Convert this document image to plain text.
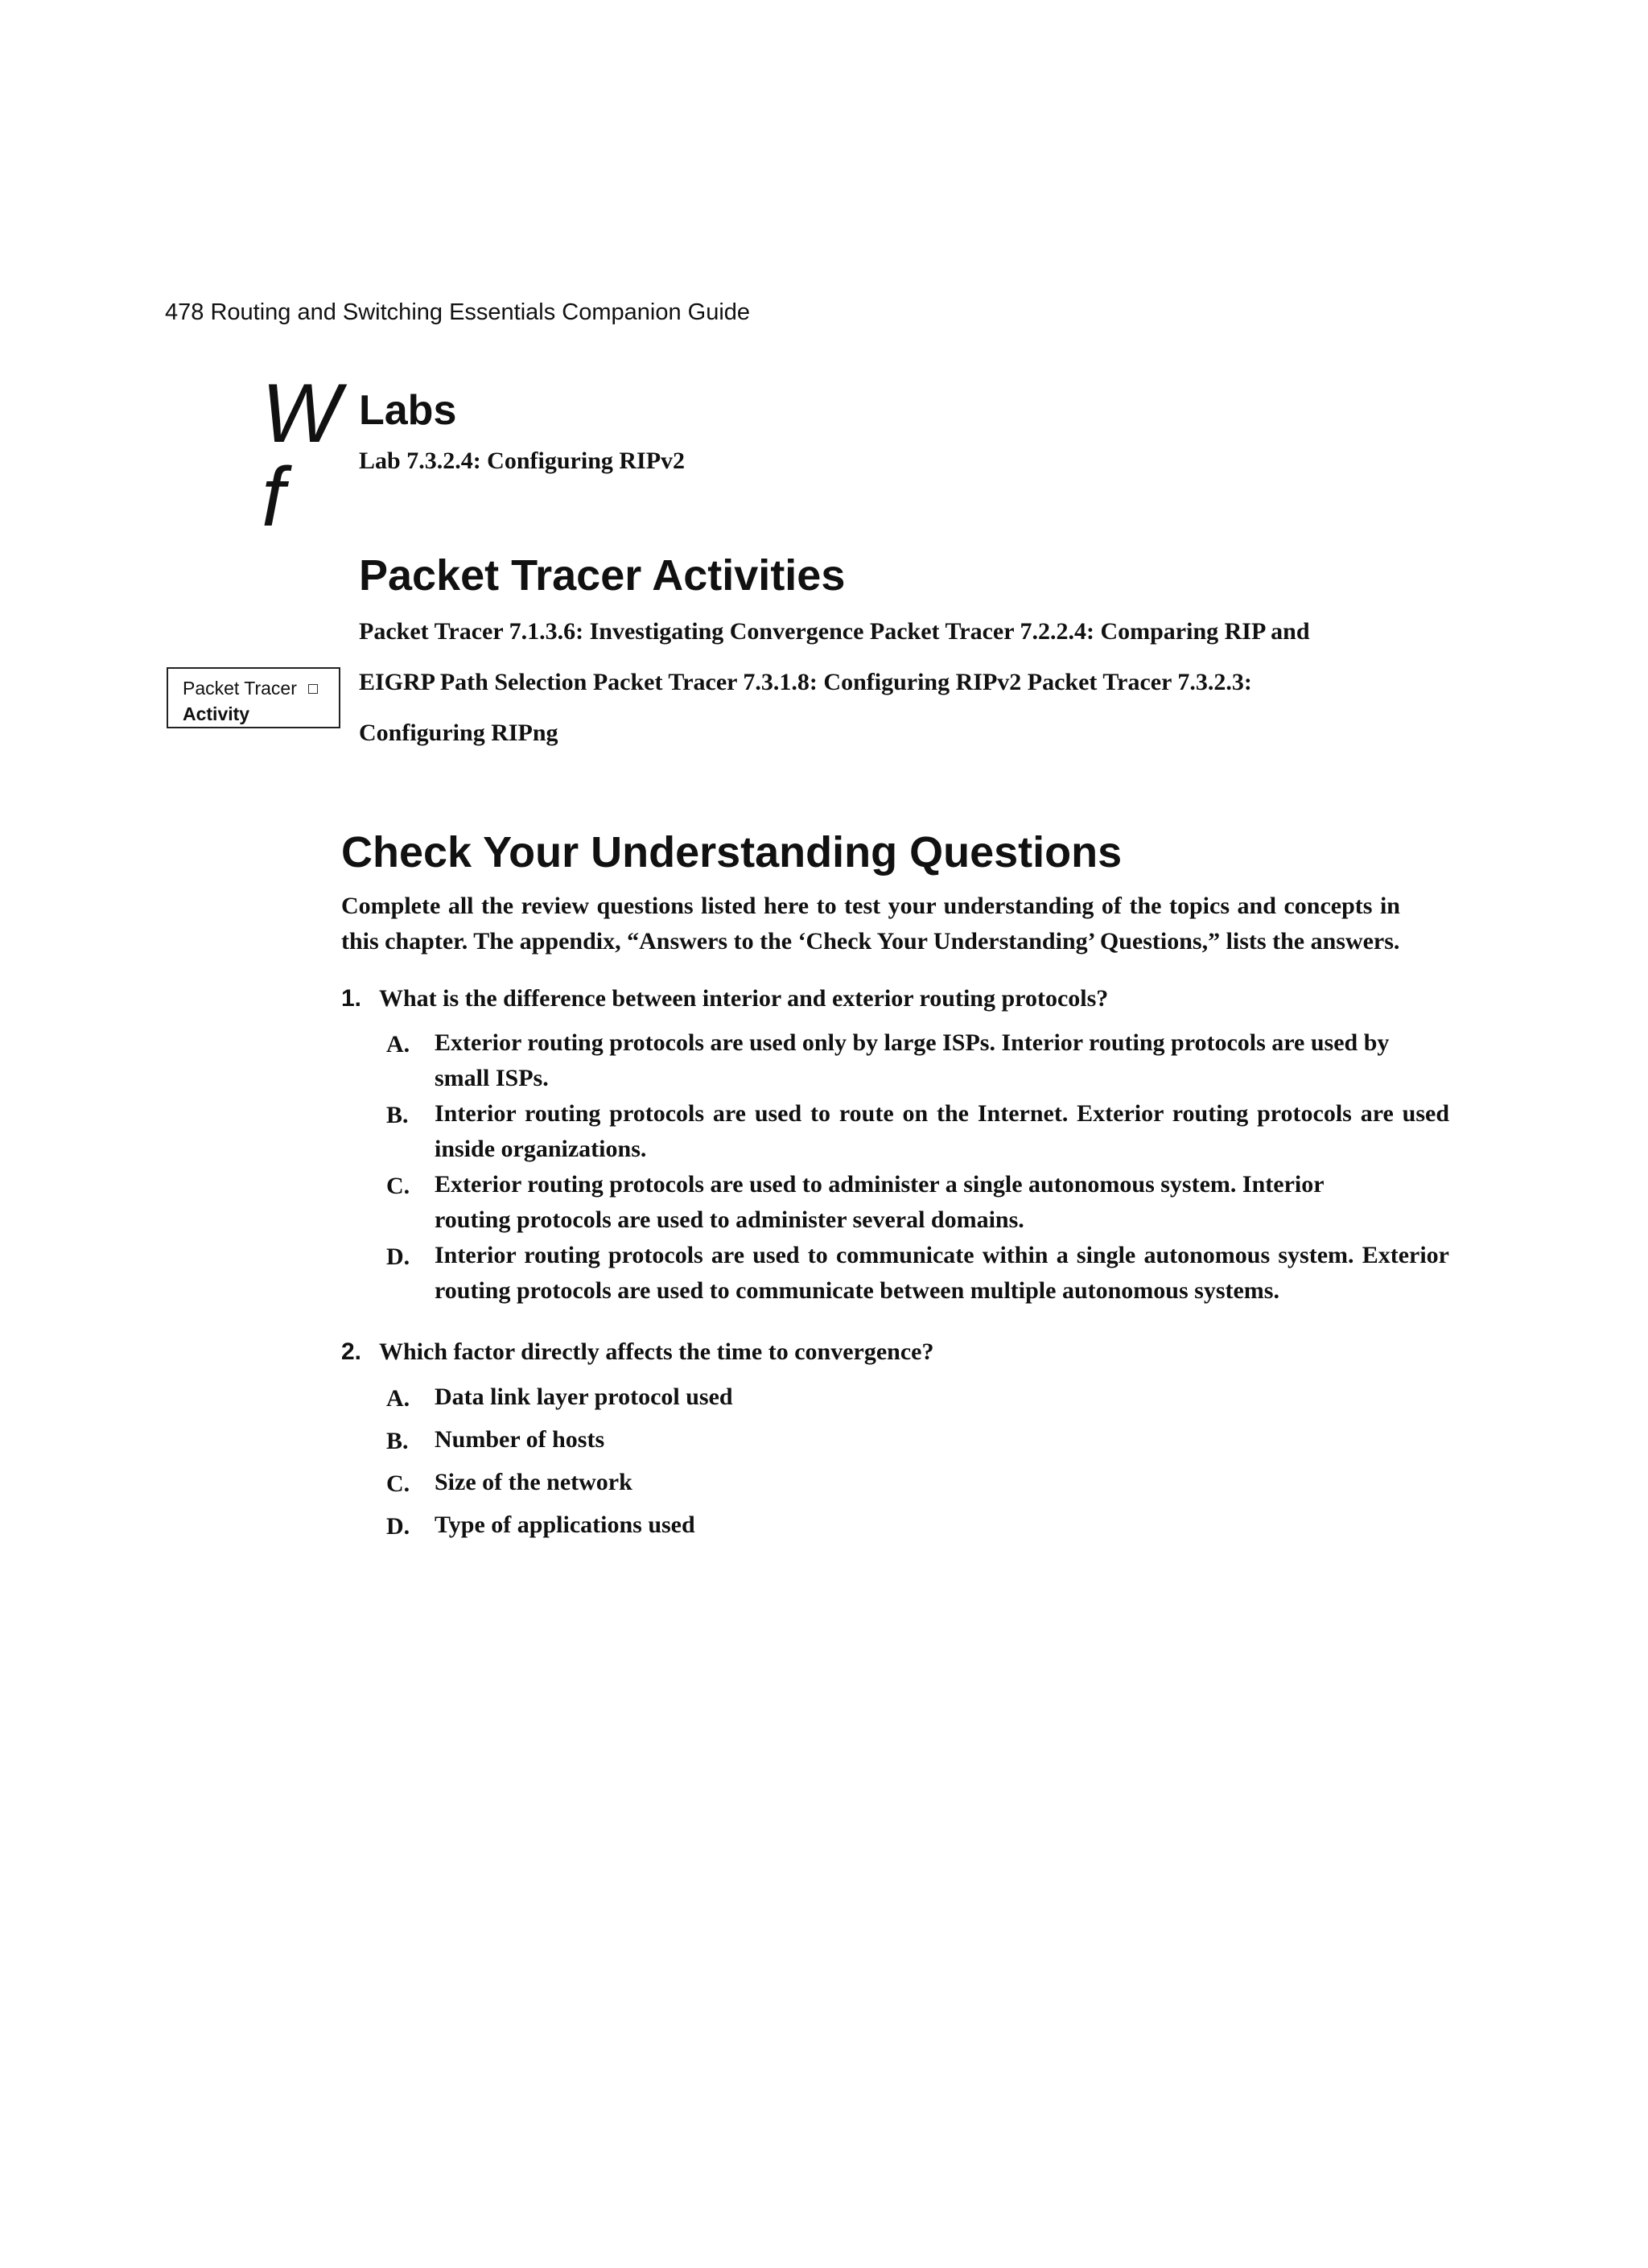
478 Routing and Switching Essentials Companion Guide
W
f
Labs
Lab 7.3.2.4: Configuring RIPv2
Packet Tracer Activities
Packet Tracer 7.1.3.6: Investigating Convergence Packet Tracer 7.2.2.4: Comparing RIP and
EIGRP Path Selection Packet Tracer 7.3.1.8: Configuring RIPv2 Packet Tracer 7.3.2.3:
Configuring RIPng
Packet Tracer
Activity
Check Your Understanding Questions
Complete all the review questions listed here to test your understanding of the topics and concepts in this chapter. The appendix, “Answers to the ‘Check Your Understanding’ Questions,” lists the answers.
1. What is the difference between interior and exterior routing protocols?
A. Exterior routing protocols are used only by large ISPs. Interior routing protocols are used by small ISPs.
B. Interior routing protocols are used to route on the Internet. Exterior routing protocols are used inside organizations.
C. Exterior routing protocols are used to administer a single autonomous system. Interior routing protocols are used to administer several domains.
D. Interior routing protocols are used to communicate within a single autonomous system. Exterior routing protocols are used to communicate between multiple autonomous systems.
2. Which factor directly affects the time to convergence?
A. Data link layer protocol used
B. Number of hosts
C. Size of the network
D. Type of applications used
